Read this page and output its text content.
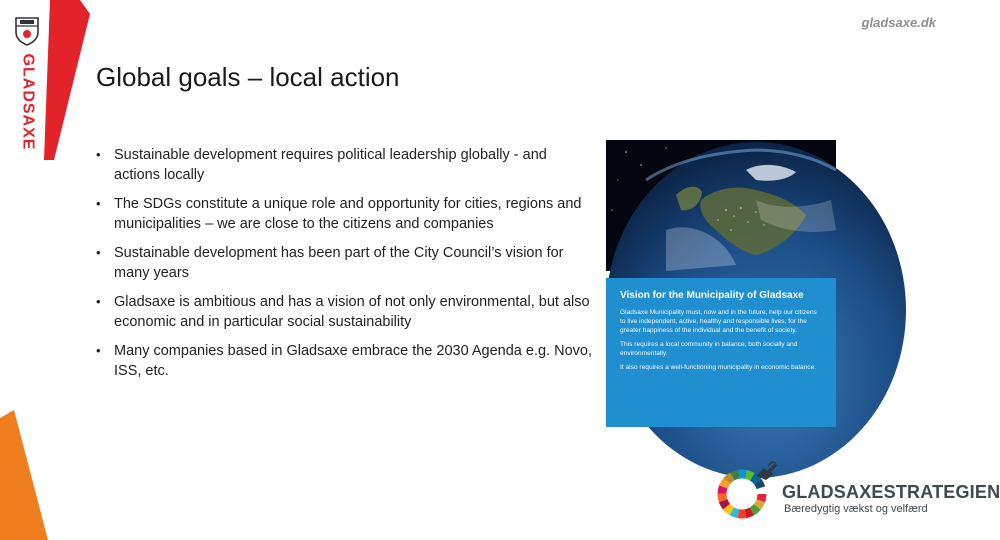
GLADSAXE
gladsaxe.dk
Global goals – local action
• Sustainable development requires political leadership globally - and actions locally
• The SDGs constitute a unique role and opportunity for cities, regions and municipalities – we are close to the citizens and companies
• Sustainable development has been part of the City Council’s vision for many years
• Gladsaxe is ambitious and has a vision of not only environmental, but also economic and in particular social sustainability
• Many companies based in Gladsaxe embrace the 2030 Agenda e.g. Novo, ISS, etc.
Vision for the Municipality of Gladsaxe
Gladsaxe Municipality must, now and in the future, help our citizens to live independent, active, healthy and responsible lives, for the greater happiness of the individual and the benefit of society.
This requires a local community in balance, both socially and environmentally.
It also requires a well-functioning municipality in economic balance.
GLADSAXESTRATEGIEN
Bæredygtig vækst og velfærd
